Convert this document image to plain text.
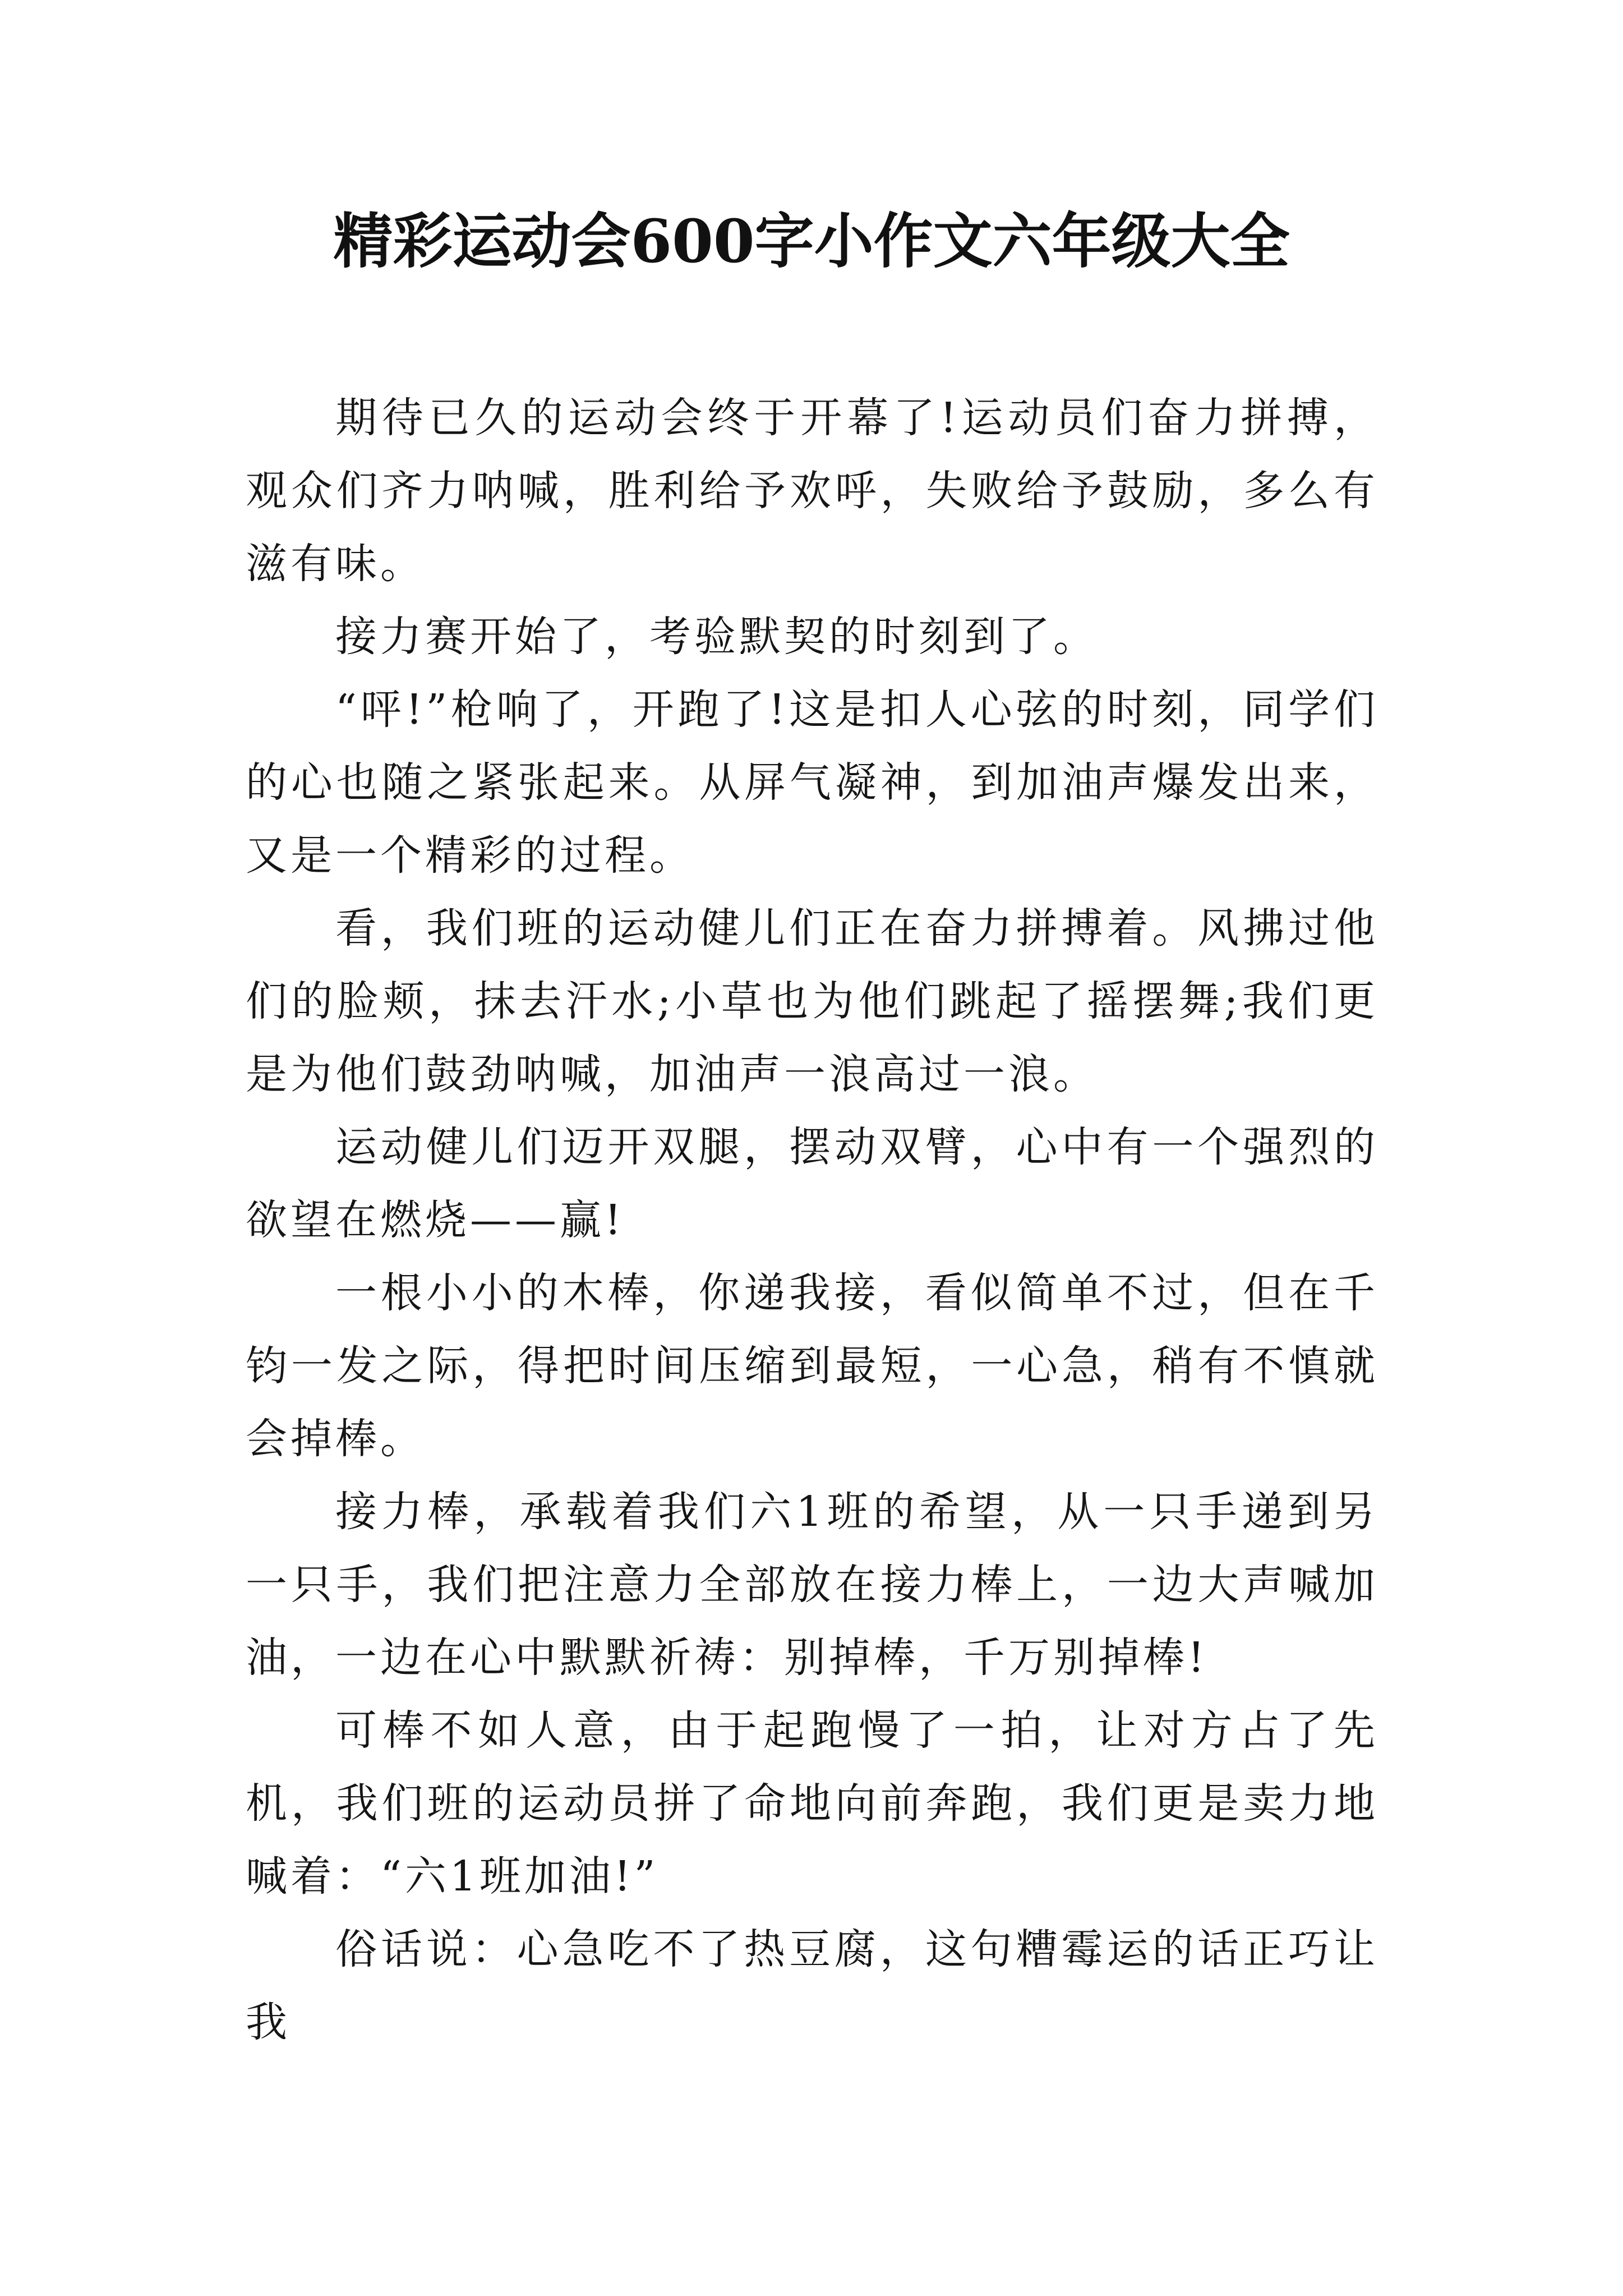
精彩运动会600字小作文六年级大全

期待已久的运动会终于开幕了!运动员们奋力拼搏，观众们齐力呐喊，胜利给予欢呼，失败给予鼓励，多么有滋有味。

接力赛开始了，考验默契的时刻到了。

“呯!”枪响了，开跑了!这是扣人心弦的时刻，同学们的心也随之紧张起来。从屏气凝神，到加油声爆发出来，又是一个精彩的过程。

看，我们班的运动健儿们正在奋力拼搏着。风拂过他们的脸颊，抹去汗水;小草也为他们跳起了摇摆舞;我们更是为他们鼓劲呐喊，加油声一浪高过一浪。

运动健儿们迈开双腿，摆动双臂，心中有一个强烈的欲望在燃烧——赢!

一根小小的木棒，你递我接，看似简单不过，但在千钧一发之际，得把时间压缩到最短，一心急，稍有不慎就会掉棒。

接力棒，承载着我们六1班的希望，从一只手递到另一只手，我们把注意力全部放在接力棒上，一边大声喊加油，一边在心中默默祈祷：别掉棒，千万别掉棒!

可棒不如人意，由于起跑慢了一拍，让对方占了先机，我们班的运动员拼了命地向前奔跑，我们更是卖力地喊着：“六1班加油!”

俗话说：心急吃不了热豆腐，这句糟霉运的话正巧让我
